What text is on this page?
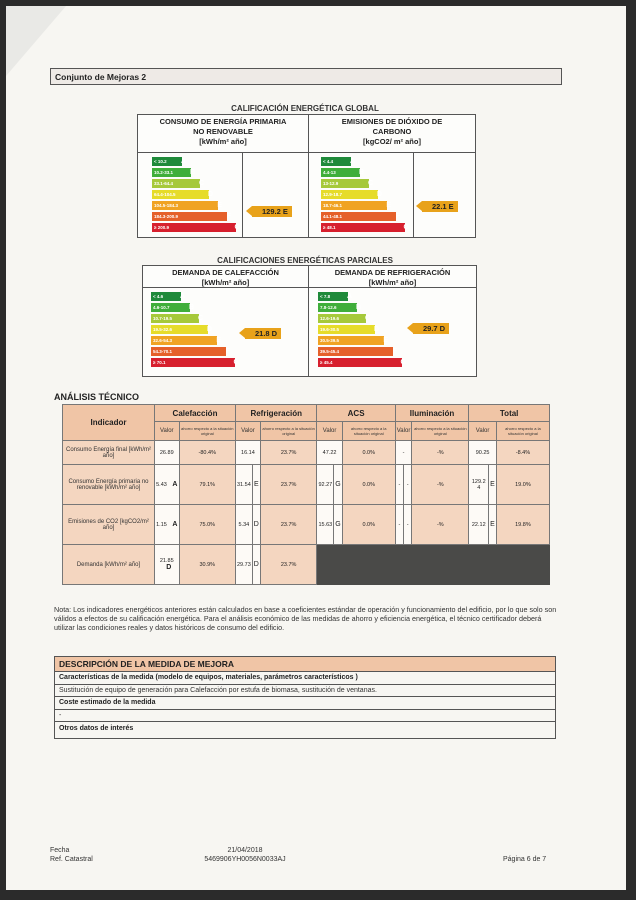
Conjunto de Mejoras 2
CALIFICACIÓN ENERGÉTICA GLOBAL
CONSUMO DE ENERGÍA PRIMARIA NO RENOVABLE
[kWh/m² año]
EMISIONES DE DIÓXIDO DE CARBONO
[kgCO2/ m² año]
< 10.2 A
10.2-33.1 B
33.1-64.4	C
64.4-104.5	D
104.5-184.3	E
184.3-200.9	F
≥ 200.9	G
< 4.4 A
4.4-13	B
13-12.9	C
12.9-18.7	D
18.7-46.1	E
44.1-48.1	F
≥ 48.1	G
129.2 E
22.1 E
CALIFICACIONES ENERGÉTICAS PARCIALES
DEMANDA DE CALEFACCIÓN
[kWh/m² año]
DEMANDA DE REFRIGERACIÓN
[kWh/m² año]
< 4.6 A
4.6-10.7	B
10.7-19.5	C
19.5-32.6	D
32.6-54.3	E
54.3-70.1	F
≥ 70.1	G
< 7.8 A
7.8-12.6	B
12.6-19.6	C
19.6-30.5	D
30.5-39.5	E
39.5-45.4	F
≥ 45.4	G
21.8 D
29.7 D
ANÁLISIS TÉCNICO
Indicador	Calefacción		Refrigeración			ACS			Iluminación			Total		
	Valor	ahorro respecto a la situación original	Valor		ahorro respecto a la situación original	Valor		ahorro respecto a la situación original	Valor		ahorro respecto a la situación original	Valor		ahorro respecto a la situación original
Consumo Energía final [kWh/m² año]	26.89	-80.4%	16.14		23.7%	47.22		0.0%	-		-%	90.25		-8.4%
Consumo Energía primaria no renovable [kWh/m² año]	5.43 A	79.1%	31.54	E	23.7%	92.27	G	0.0%	-	-	-%	129.2 4	E	19.0%
Emisiones de CO2 [kgCO2/m² año]	1.15 A	75.0%	5.34	D	23.7%	15.63	G	0.0%	-	-	-%	22.12	E	19.8%
Demanda [kWh/m² año]	21.85 D	30.9%	29.73	D	23.7%									
Nota: Los indicadores energéticos anteriores están calculados en base a coeficientes estándar de operación y funcionamiento del edificio, por lo que solo son válidos a efectos de su calificación energética. Para el análisis económico de las medidas de ahorro y eficiencia energética, el técnico certificador deberá utilizar las condiciones reales y datos históricos de consumo del edificio.
DESCRIPCIÓN DE LA MEDIDA DE MEJORA
Características de la medida (modelo de equipos, materiales, parámetros característicos )
Sustitución de equipo de generación para Calefacción por estufa de biomasa, sustitución de ventanas.
Coste estimado de la medida
-
Otros datos de interés
Fecha
Ref. Catastral
21/04/2018
5469906YH0056N0033AJ	Página 6 de 7
